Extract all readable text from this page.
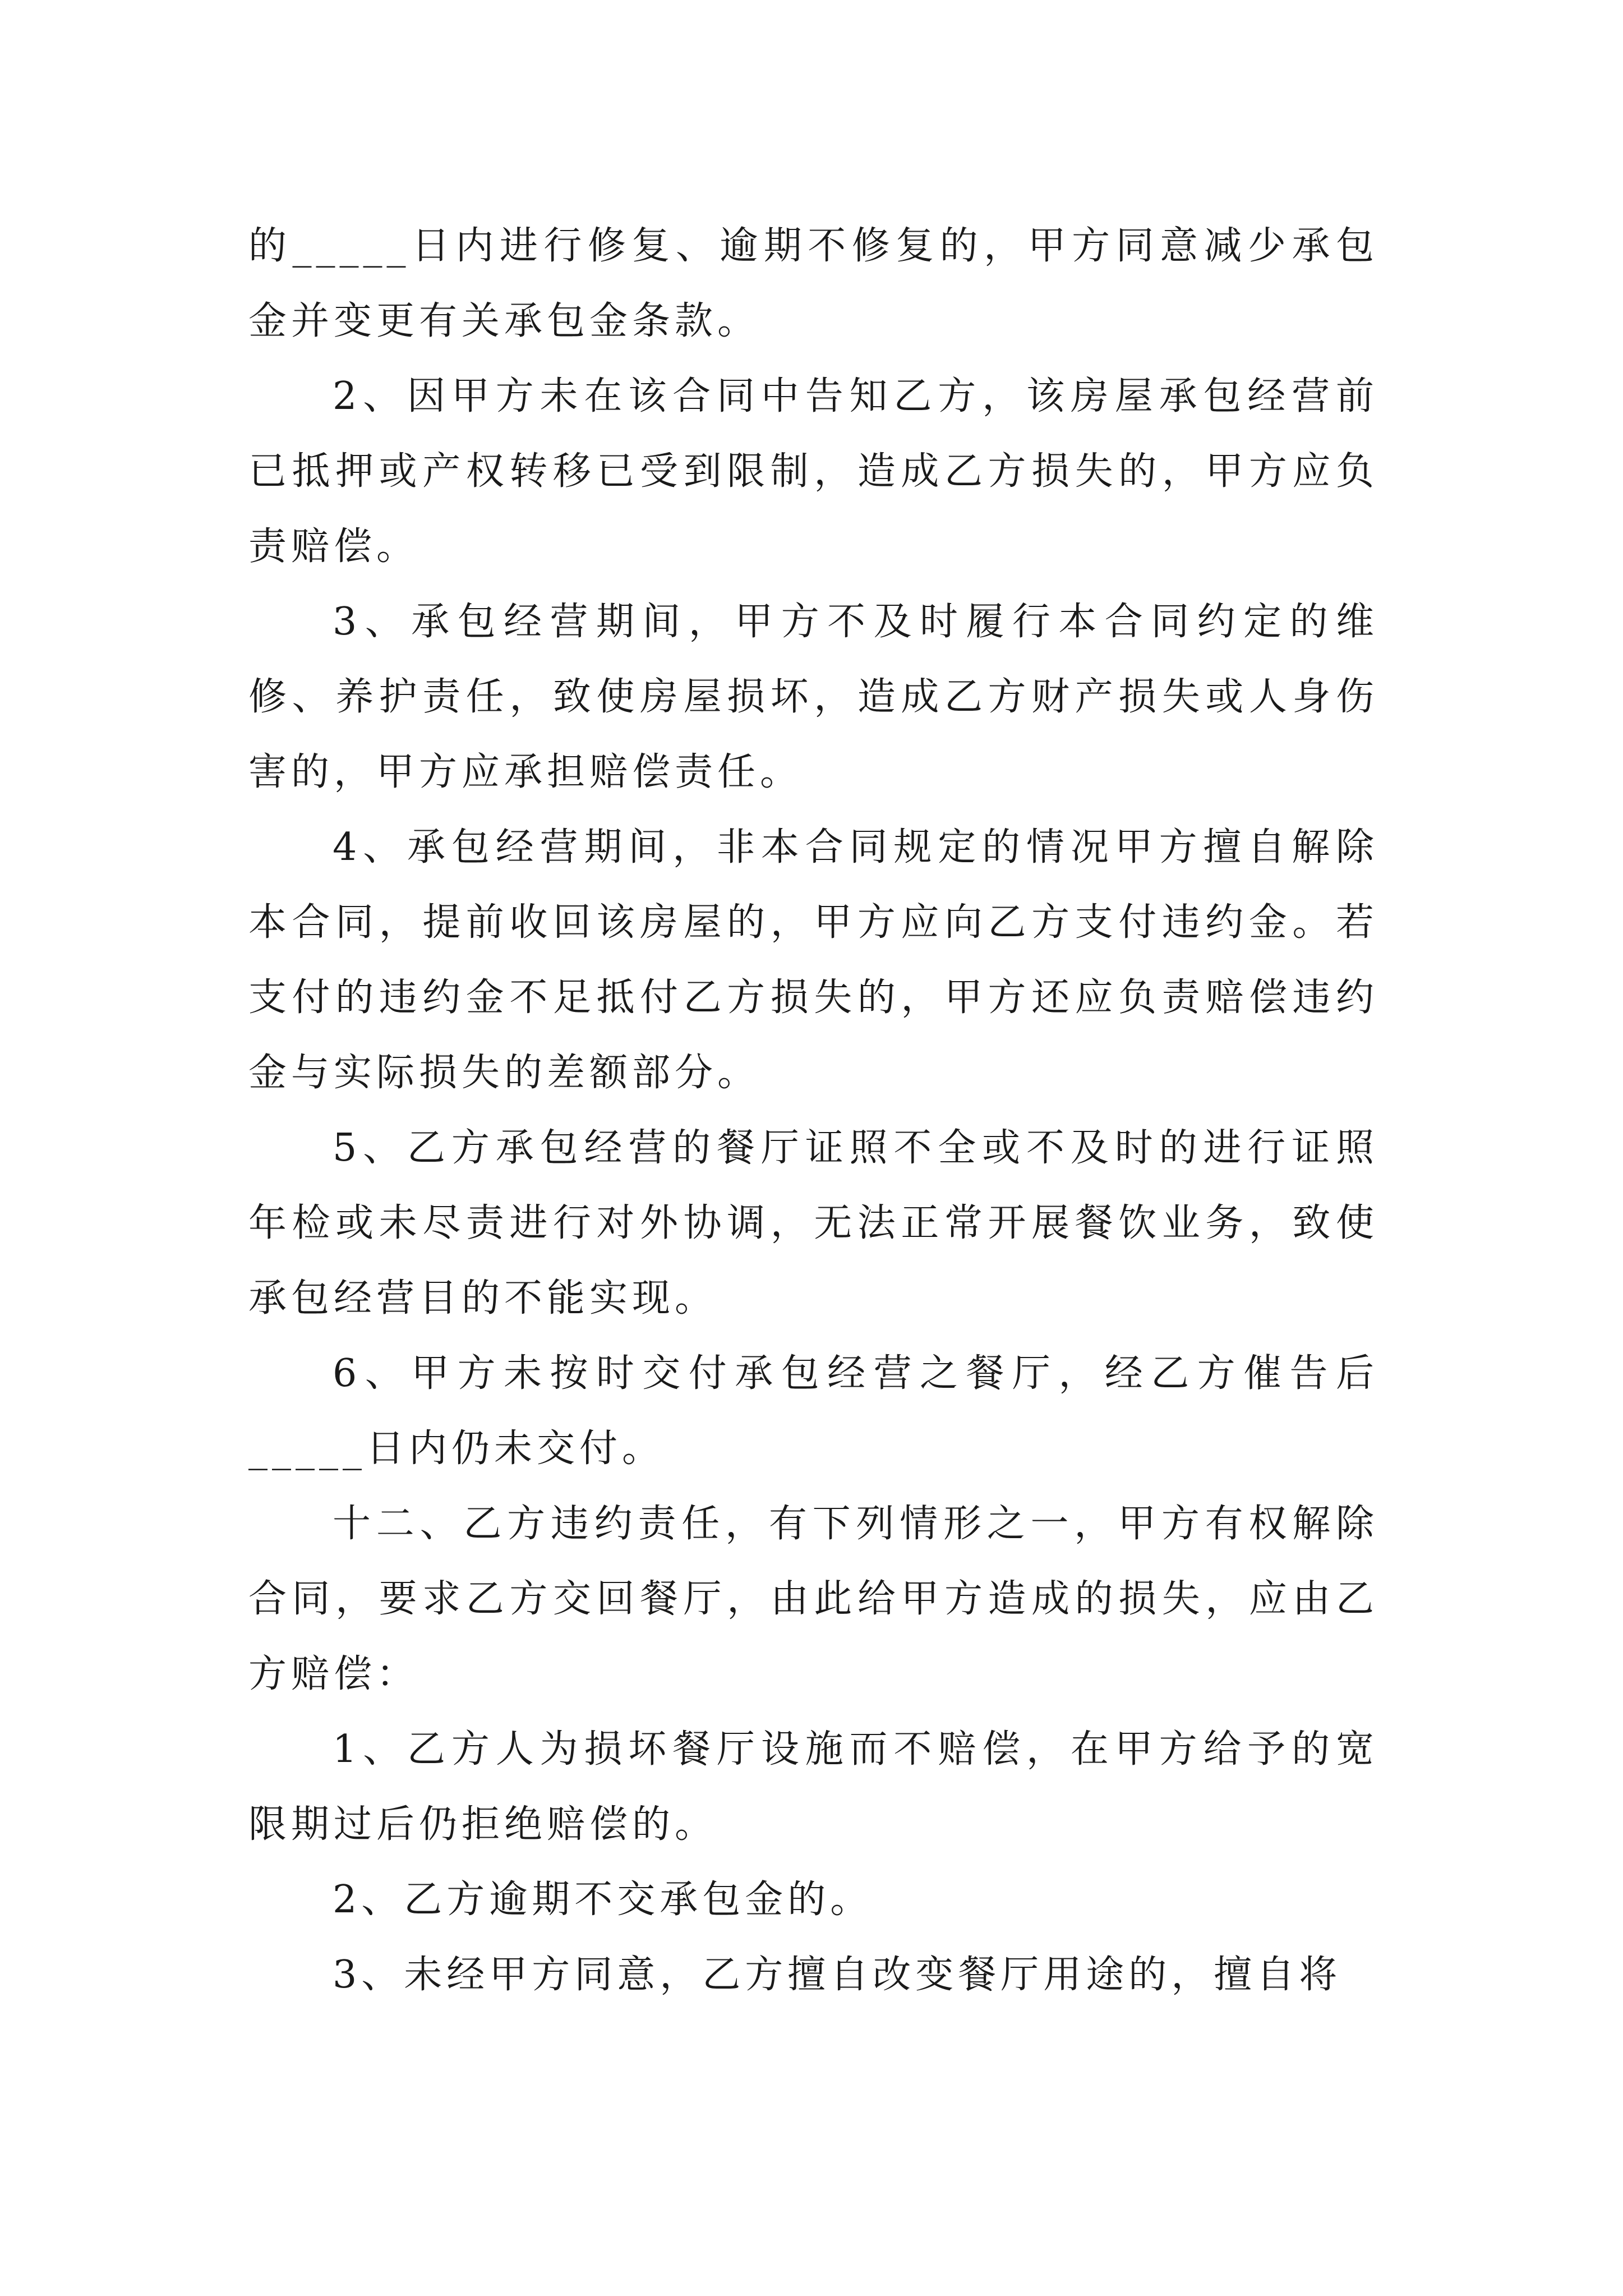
的_____日内进行修复、逾期不修复的，甲方同意减少承包金并变更有关承包金条款。

2、因甲方未在该合同中告知乙方，该房屋承包经营前已抵押或产权转移已受到限制，造成乙方损失的，甲方应负责赔偿。

3、承包经营期间，甲方不及时履行本合同约定的维修、养护责任，致使房屋损坏，造成乙方财产损失或人身伤害的，甲方应承担赔偿责任。

4、承包经营期间，非本合同规定的情况甲方擅自解除本合同，提前收回该房屋的，甲方应向乙方支付违约金。若支付的违约金不足抵付乙方损失的，甲方还应负责赔偿违约金与实际损失的差额部分。

5、乙方承包经营的餐厅证照不全或不及时的进行证照年检或未尽责进行对外协调，无法正常开展餐饮业务，致使承包经营目的不能实现。

6、甲方未按时交付承包经营之餐厅，经乙方催告后_____日内仍未交付。

十二、乙方违约责任，有下列情形之一，甲方有权解除合同，要求乙方交回餐厅，由此给甲方造成的损失，应由乙方赔偿：

1、乙方人为损坏餐厅设施而不赔偿，在甲方给予的宽限期过后仍拒绝赔偿的。

2、乙方逾期不交承包金的。

3、未经甲方同意，乙方擅自改变餐厅用途的，擅自将
